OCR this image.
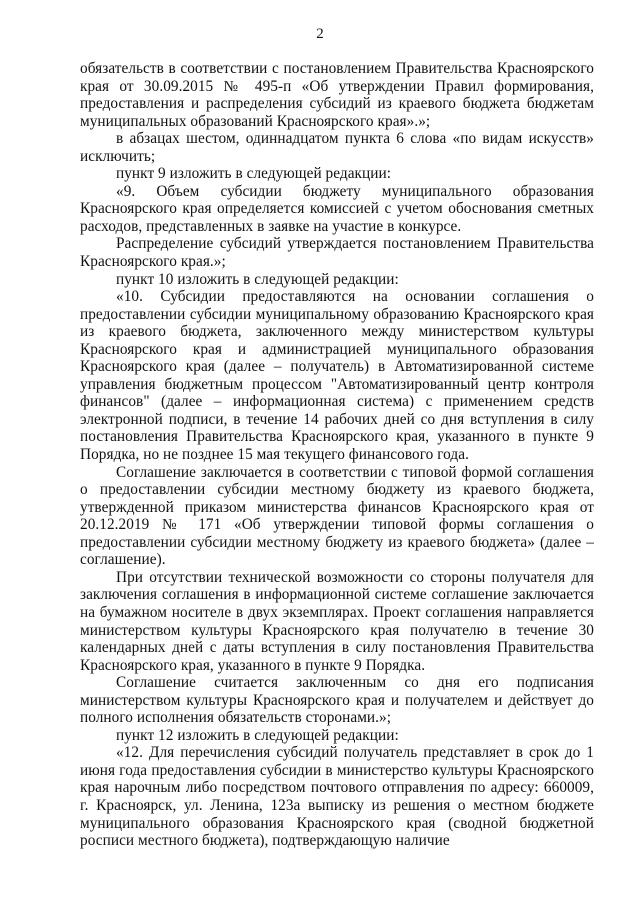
2

обязательств в соответствии с постановлением Правительства Красноярского края от 30.09.2015 № 495-п «Об утверждении Правил формирования, предоставления и распределения субсидий из краевого бюджета бюджетам муниципальных образований Красноярского края».»;

в абзацах шестом, одиннадцатом пункта 6 слова «по видам искусств» исключить;

пункт 9 изложить в следующей редакции:

«9. Объем субсидии бюджету муниципального образования Красноярского края определяется комиссией с учетом обоснования сметных расходов, представленных в заявке на участие в конкурсе.

Распределение субсидий утверждается постановлением Правительства Красноярского края.»;

пункт 10 изложить в следующей редакции:

«10. Субсидии предоставляются на основании соглашения о предоставлении субсидии муниципальному образованию Красноярского края из краевого бюджета, заключенного между министерством культуры Красноярского края и администрацией муниципального образования Красноярского края (далее – получатель) в Автоматизированной системе управления бюджетным процессом "Автоматизированный центр контроля финансов" (далее – информационная система) с применением средств электронной подписи, в течение 14 рабочих дней со дня вступления в силу постановления Правительства Красноярского края, указанного в пункте 9 Порядка, но не позднее 15 мая текущего финансового года.

Соглашение заключается в соответствии с типовой формой соглашения о предоставлении субсидии местному бюджету из краевого бюджета, утвержденной приказом министерства финансов Красноярского края от 20.12.2019 № 171 «Об утверждении типовой формы соглашения о предоставлении субсидии местному бюджету из краевого бюджета» (далее – соглашение).

При отсутствии технической возможности со стороны получателя для заключения соглашения в информационной системе соглашение заключается на бумажном носителе в двух экземплярах. Проект соглашения направляется министерством культуры Красноярского края получателю в течение 30 календарных дней с даты вступления в силу постановления Правительства Красноярского края, указанного в пункте 9 Порядка.

Соглашение считается заключенным со дня его подписания министерством культуры Красноярского края и получателем и действует до полного исполнения обязательств сторонами.»;

пункт 12 изложить в следующей редакции:

«12. Для перечисления субсидий получатель представляет в срок до 1 июня года предоставления субсидии в министерство культуры Красноярского края нарочным либо посредством почтового отправления по адресу: 660009, г. Красноярск, ул. Ленина, 123а выписку из решения о местном бюджете муниципального образования Красноярского края (сводной бюджетной росписи местного бюджета), подтверждающую наличие
